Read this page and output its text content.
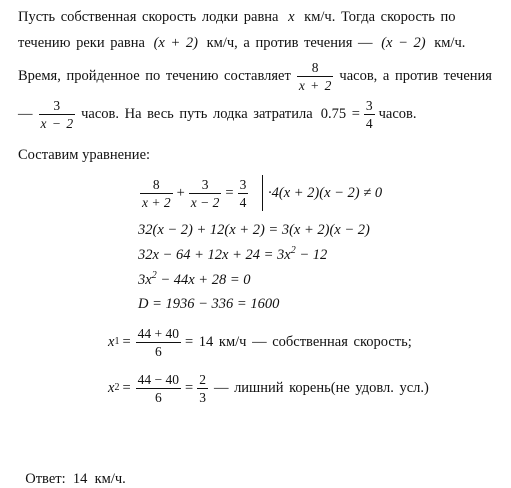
Пусть собственная скорость лодки равна x км/ч. Тогда скорость по
течению реки равна (x + 2) км/ч, а против течения — (x − 2) км/ч.
Время, пройденное по течению составляет $\frac{8}{x + 2}$ часов, а против течения
— $\frac{3}{x - 2}$ часов. На весь путь лодка затратила $0.75 = \frac{3}{4}$ часов.
Составим уравнение:
$\frac{8}{x + 2} + \frac{3}{x - 2} = \frac{3}{4} \cdot 4(x + 2)(x - 2) \ne 0$
32(x − 2) + 12(x + 2) = 3(x + 2)(x − 2)
$32x - 64 + 12x + 24 = 3x^2 - 12$
$3x^2 - 44x + 28 = 0$
D = 1936 − 336 = 1600
x $1 = \frac{44 + 40}{6} = 14$ км/ч — собственная скорость;
x $2 = \frac{44 - 40}{6} = \frac{2}{3}$ — лишний корень(не удовл. усл.)

Ответ:  14  км/ч.
